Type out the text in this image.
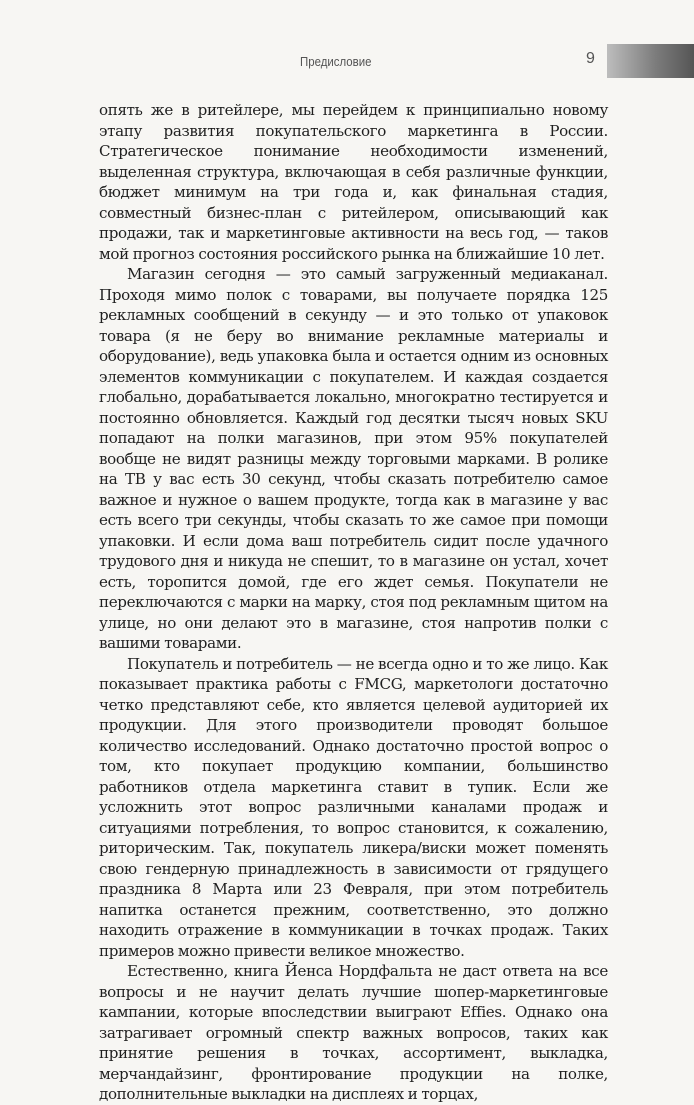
Предисловие	9

опять же в ритейлере, мы перейдем к принципиально новому этапу развития покупательского маркетинга в России. Стратегическое понимание необходимости изменений, выделенная структура, включающая в себя различные функции, бюджет минимум на три года и, как финальная стадия, совместный бизнес-план с ритейлером, описывающий как продажи, так и маркетинговые активности на весь год, — таков мой прогноз состояния российского рынка на ближайшие 10 лет.

Магазин сегодня — это самый загруженный медиаканал. Проходя мимо полок с товарами, вы получаете порядка 125 рекламных сообщений в секунду — и это только от упаковок товара (я не беру во внимание рекламные материалы и оборудование), ведь упаковка была и остается одним из основных элементов коммуникации с покупателем. И каждая создается глобально, дорабатывается локально, многократно тестируется и постоянно обновляется. Каждый год десятки тысяч новых SKU попадают на полки магазинов, при этом 95% покупателей вообще не видят разницы между торговыми марками. В ролике на ТВ у вас есть 30 секунд, чтобы сказать потребителю самое важное и нужное о вашем продукте, тогда как в магазине у вас есть всего три секунды, чтобы сказать то же самое при помощи упаковки. И если дома ваш потребитель сидит после удачного трудового дня и никуда не спешит, то в магазине он устал, хочет есть, торопится домой, где его ждет семья. Покупатели не переключаются с марки на марку, стоя под рекламным щитом на улице, но они делают это в магазине, стоя напротив полки с вашими товарами.

Покупатель и потребитель — не всегда одно и то же лицо. Как показывает практика работы с FMCG, маркетологи достаточно четко представляют себе, кто является целевой аудиторией их продукции. Для этого производители проводят большое количество исследований. Однако достаточно простой вопрос о том, кто покупает продукцию компании, большинство работников отдела маркетинга ставит в тупик. Если же усложнить этот вопрос различными каналами продаж и ситуациями потребления, то вопрос становится, к сожалению, риторическим. Так, покупатель ликера/виски может поменять свою гендерную принадлежность в зависимости от грядущего праздника 8 Марта или 23 Февраля, при этом потребитель напитка останется прежним, соответственно, это должно находить отражение в коммуникации в точках продаж. Таких примеров можно привести великое множество.

Естественно, книга Йенса Нордфальта не даст ответа на все вопросы и не научит делать лучшие шопер-маркетинговые кампании, которые впоследствии выиграют Effies. Однако она затрагивает огромный спектр важных вопросов, таких как принятие решения в точках, ассортимент, выкладка, мерчандайзинг, фронтирование продукции на полке, дополнительные выкладки на дисплеях и торцах,
